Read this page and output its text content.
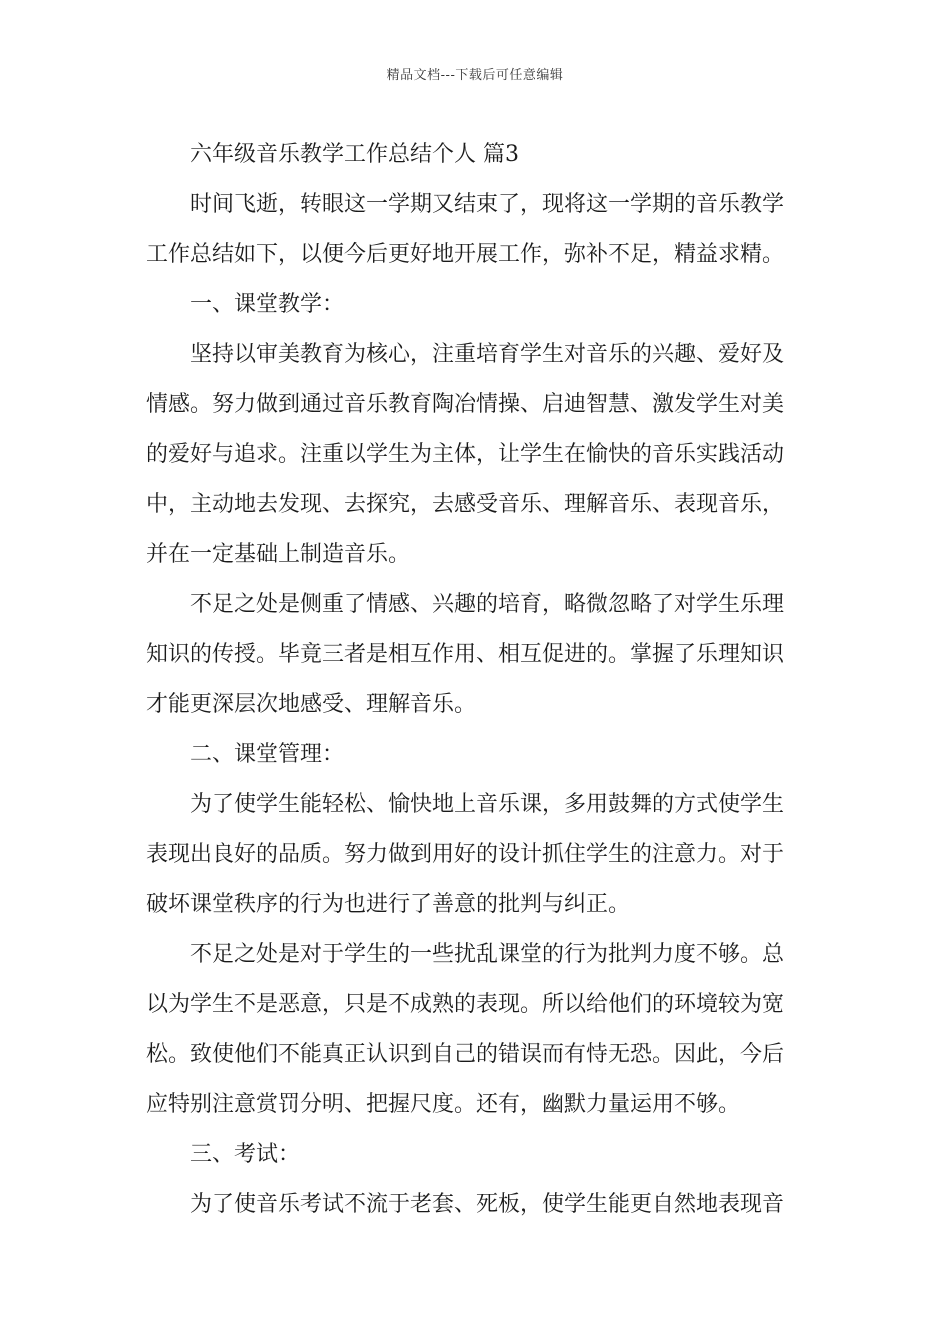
精品文档---下载后可任意编辑
六年级音乐教学工作总结个人 篇3
时间飞逝，转眼这一学期又结束了，现将这一学期的音乐教学
工作总结如下，以便今后更好地开展工作，弥补不足，精益求精。
一、课堂教学：
坚持以审美教育为核心，注重培育学生对音乐的兴趣、爱好及
情感。努力做到通过音乐教育陶冶情操、启迪智慧、激发学生对美
的爱好与追求。注重以学生为主体，让学生在愉快的音乐实践活动
中，主动地去发现、去探究，去感受音乐、理解音乐、表现音乐，
并在一定基础上制造音乐。
不足之处是侧重了情感、兴趣的培育，略微忽略了对学生乐理
知识的传授。毕竟三者是相互作用、相互促进的。掌握了乐理知识
才能更深层次地感受、理解音乐。
二、课堂管理：
为了使学生能轻松、愉快地上音乐课，多用鼓舞的方式使学生
表现出良好的品质。努力做到用好的设计抓住学生的注意力。对于
破坏课堂秩序的行为也进行了善意的批判与纠正。
不足之处是对于学生的一些扰乱课堂的行为批判力度不够。总
以为学生不是恶意，只是不成熟的表现。所以给他们的环境较为宽
松。致使他们不能真正认识到自己的错误而有恃无恐。因此，今后
应特别注意赏罚分明、把握尺度。还有，幽默力量运用不够。
三、考试：
为了使音乐考试不流于老套、死板，使学生能更自然地表现音
